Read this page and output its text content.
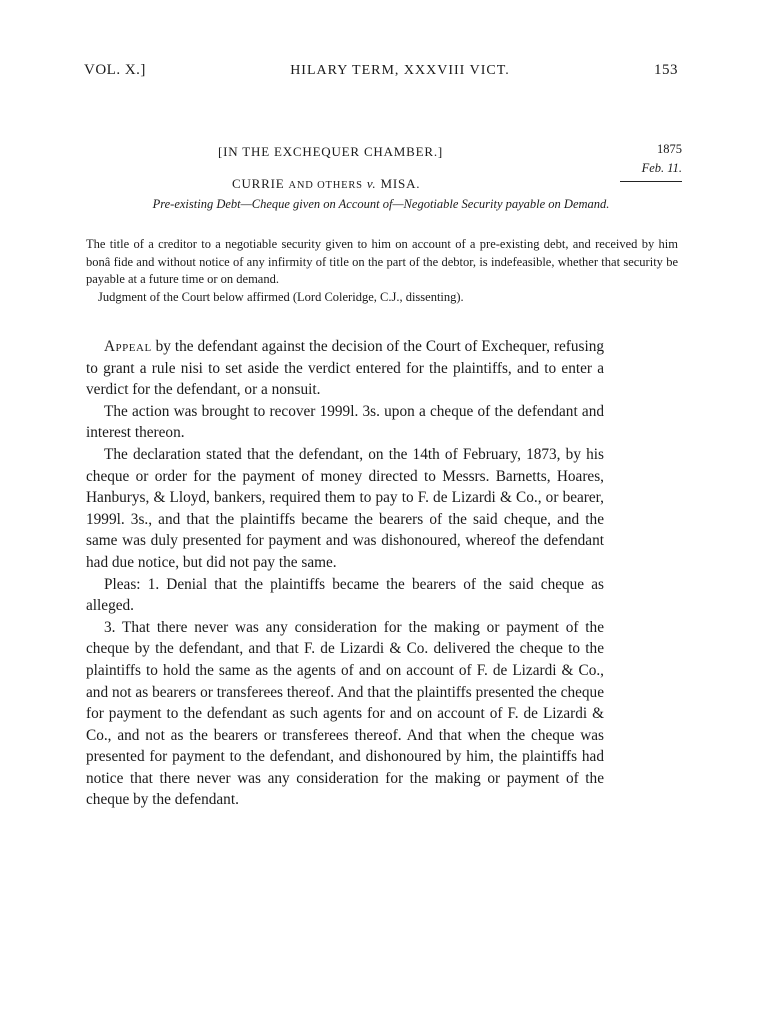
VOL. X.]	HILARY TERM, XXXVIII VICT.	153
[IN THE EXCHEQUER CHAMBER.]	1875
Feb. 11.
CURRIE AND OTHERS v. MISA.
Pre-existing Debt—Cheque given on Account of—Negotiable Security payable on Demand.

The title of a creditor to a negotiable security given to him on account of a pre-existing debt, and received by him bonâ fide and without notice of any infirmity of title on the part of the debtor, is indefeasible, whether that security be payable at a future time or on demand.

Judgment of the Court below affirmed (Lord Coleridge, C.J., dissenting).

Appeal by the defendant against the decision of the Court of Exchequer, refusing to grant a rule nisi to set aside the verdict entered for the plaintiffs, and to enter a verdict for the defendant, or a nonsuit.

The action was brought to recover 1999l. 3s. upon a cheque of the defendant and interest thereon.

The declaration stated that the defendant, on the 14th of February, 1873, by his cheque or order for the payment of money directed to Messrs. Barnetts, Hoares, Hanburys, & Lloyd, bankers, required them to pay to F. de Lizardi & Co., or bearer, 1999l. 3s., and that the plaintiffs became the bearers of the said cheque, and the same was duly presented for payment and was dishonoured, whereof the defendant had due notice, but did not pay the same.

Pleas: 1. Denial that the plaintiffs became the bearers of the said cheque as alleged.

3. That there never was any consideration for the making or payment of the cheque by the defendant, and that F. de Lizardi & Co. delivered the cheque to the plaintiffs to hold the same as the agents of and on account of F. de Lizardi & Co., and not as bearers or transferees thereof. And that the plaintiffs presented the cheque for payment to the defendant as such agents for and on account of F. de Lizardi & Co., and not as the bearers or transferees thereof. And that when the cheque was presented for payment to the defendant, and dishonoured by him, the plaintiffs had notice that there never was any consideration for the making or payment of the cheque by the defendant.
